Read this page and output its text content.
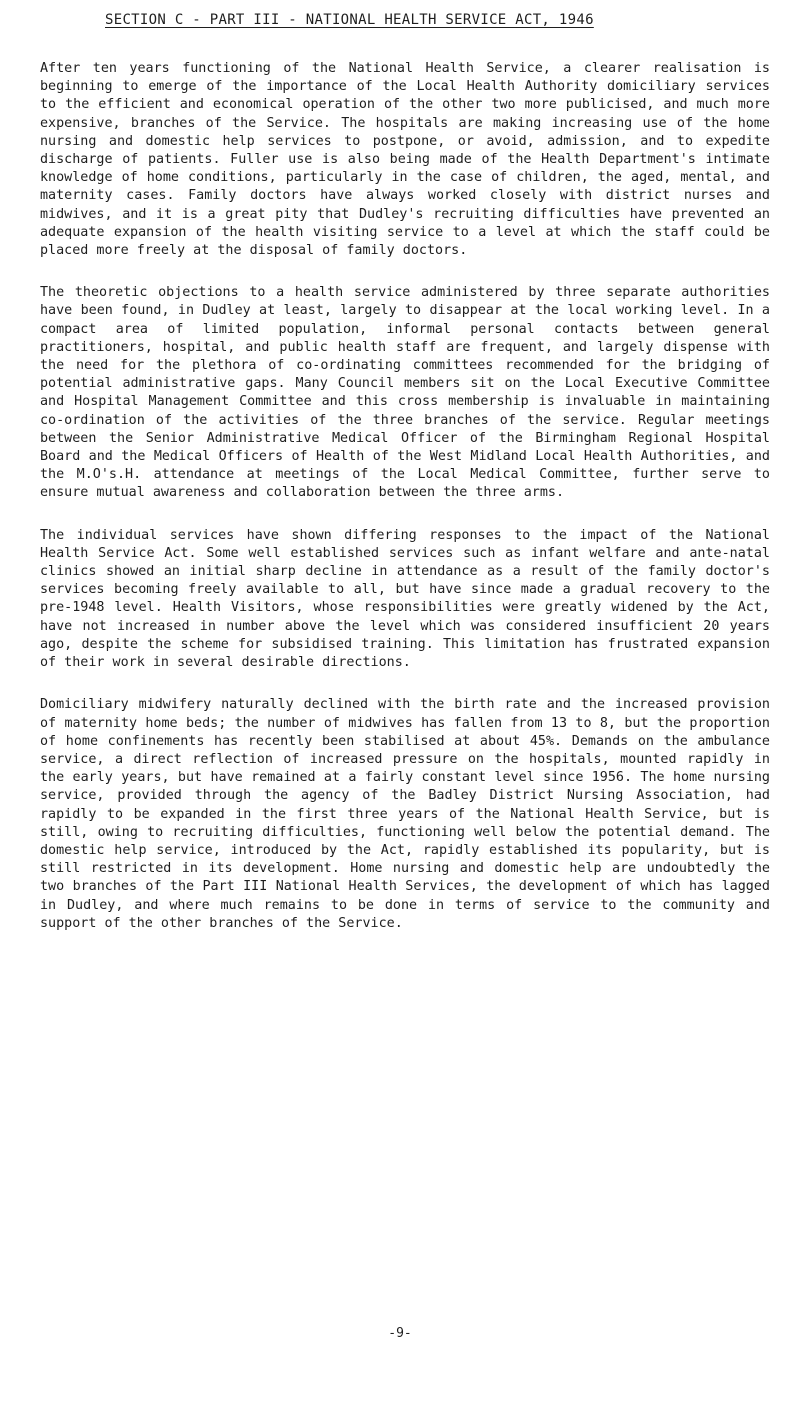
SECTION C - PART III - NATIONAL HEALTH SERVICE ACT, 1946

After ten years functioning of the National Health Service, a clearer realisation is beginning to emerge of the importance of the Local Health Authority domiciliary services to the efficient and economical operation of the other two more publicised, and much more expensive, branches of the Service. The hospitals are making increasing use of the home nursing and domestic help services to postpone, or avoid, admission, and to expedite discharge of patients. Fuller use is also being made of the Health Department's intimate knowledge of home conditions, particularly in the case of children, the aged, mental, and maternity cases. Family doctors have always worked closely with district nurses and midwives, and it is a great pity that Dudley's recruiting difficulties have prevented an adequate expansion of the health visiting service to a level at which the staff could be placed more freely at the disposal of family doctors.

The theoretic objections to a health service administered by three separate authorities have been found, in Dudley at least, largely to disappear at the local working level. In a compact area of limited population, informal personal contacts between general practitioners, hospital, and public health staff are frequent, and largely dispense with the need for the plethora of co-ordinating committees recommended for the bridging of potential administrative gaps. Many Council members sit on the Local Executive Committee and Hospital Management Committee and this cross membership is invaluable in maintaining co-ordination of the activities of the three branches of the service. Regular meetings between the Senior Administrative Medical Officer of the Birmingham Regional Hospital Board and the Medical Officers of Health of the West Midland Local Health Authorities, and the M.O's.H. attendance at meetings of the Local Medical Committee, further serve to ensure mutual awareness and collaboration between the three arms.

The individual services have shown differing responses to the impact of the National Health Service Act. Some well established services such as infant welfare and ante-natal clinics showed an initial sharp decline in attendance as a result of the family doctor's services becoming freely available to all, but have since made a gradual recovery to the pre-1948 level. Health Visitors, whose responsibilities were greatly widened by the Act, have not increased in number above the level which was considered insufficient 20 years ago, despite the scheme for subsidised training. This limitation has frustrated expansion of their work in several desirable directions.

Domiciliary midwifery naturally declined with the birth rate and the increased provision of maternity home beds; the number of midwives has fallen from 13 to 8, but the proportion of home confinements has recently been stabilised at about 45%. Demands on the ambulance service, a direct reflection of increased pressure on the hospitals, mounted rapidly in the early years, but have remained at a fairly constant level since 1956. The home nursing service, provided through the agency of the Badley District Nursing Association, had rapidly to be expanded in the first three years of the National Health Service, but is still, owing to recruiting difficulties, functioning well below the potential demand. The domestic help service, introduced by the Act, rapidly established its popularity, but is still restricted in its development. Home nursing and domestic help are undoubtedly the two branches of the Part III National Health Services, the development of which has lagged in Dudley, and where much remains to be done in terms of service to the community and support of the other branches of the Service.

-9-
